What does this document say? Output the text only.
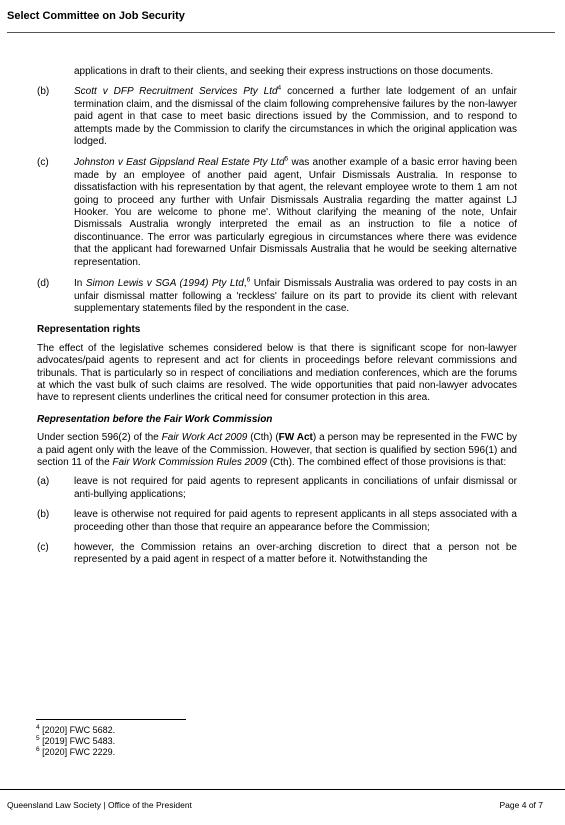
Select Committee on Job Security

applications in draft to their clients, and seeking their express instructions on those documents.

(b) Scott v DFP Recruitment Services Pty Ltd$^4$ concerned a further late lodgement of an unfair termination claim, and the dismissal of the claim following comprehensive failures by the non-lawyer paid agent in that case to meet basic directions issued by the Commission, and to respond to attempts made by the Commission to clarify the circumstances in which the original application was lodged.
(c)	Johnston v East Gippsland Real Estate Pty Ltd$^5$ was another example of a basic error having been made by an employee of another paid agent, Unfair Dismissals Australia. In response to dissatisfaction with his representation by that agent, the relevant employee wrote to them 1 am not going to proceed any further with Unfair Dismissals Australia regarding the matter against LJ Hooker. You are welcome to phone me'. Without clarifying the meaning of the note, Unfair Dismissals Australia wrongly interpreted the email as an instruction to file a notice of discontinuance. The error was particularly egregious in circumstances where there was evidence that the applicant had forewarned Unfair Dismissals Australia that he would be seeking alternative representation.
(d) In Simon Lewis v SGA (1994) Pty Ltd,$^6$ Unfair Dismissals Australia was ordered to pay costs in an unfair dismissal matter following a 'reckless' failure on its part to provide its client with relevant supplementary statements filed by the respondent in the case.

Representation rights

The effect of the legislative schemes considered below is that there is significant scope for non-lawyer advocates/paid agents to represent and act for clients in proceedings before relevant commissions and tribunals. That is particularly so in respect of conciliations and mediation conferences, which are the forums at which the vast bulk of such claims are resolved. The wide opportunities that paid non-lawyer advocates have to represent clients underlines the critical need for consumer protection in this area.

Representation before the Fair Work Commission

Under section 596(2) of the Fair Work Act 2009 (Cth) (FW Act) a person may be represented in the FWC by a paid agent only with the leave of the Commission. However, that section is qualified by section 596(1) and section 11 of the Fair Work Commission Rules 2009 (Cth). The combined effect of those provisions is that:

(a) leave is not required for paid agents to represent applicants in conciliations of unfair dismissal or anti-bullying applications;
(b) leave is otherwise not required for paid agents to represent applicants in all steps associated with a proceeding other than those that require an appearance before the Commission;
(c)	however, the Commission retains an over-arching discretion to direct that a person not be represented by a paid agent in respect of a matter before it. Notwithstanding the
$^4$ [2020] FWC 5682.
$^5$ [2019] FWC 5483.
$^6$ [2020] FWC 2229.
Queensland Law Society | Office of the President	Page 4 of 7
